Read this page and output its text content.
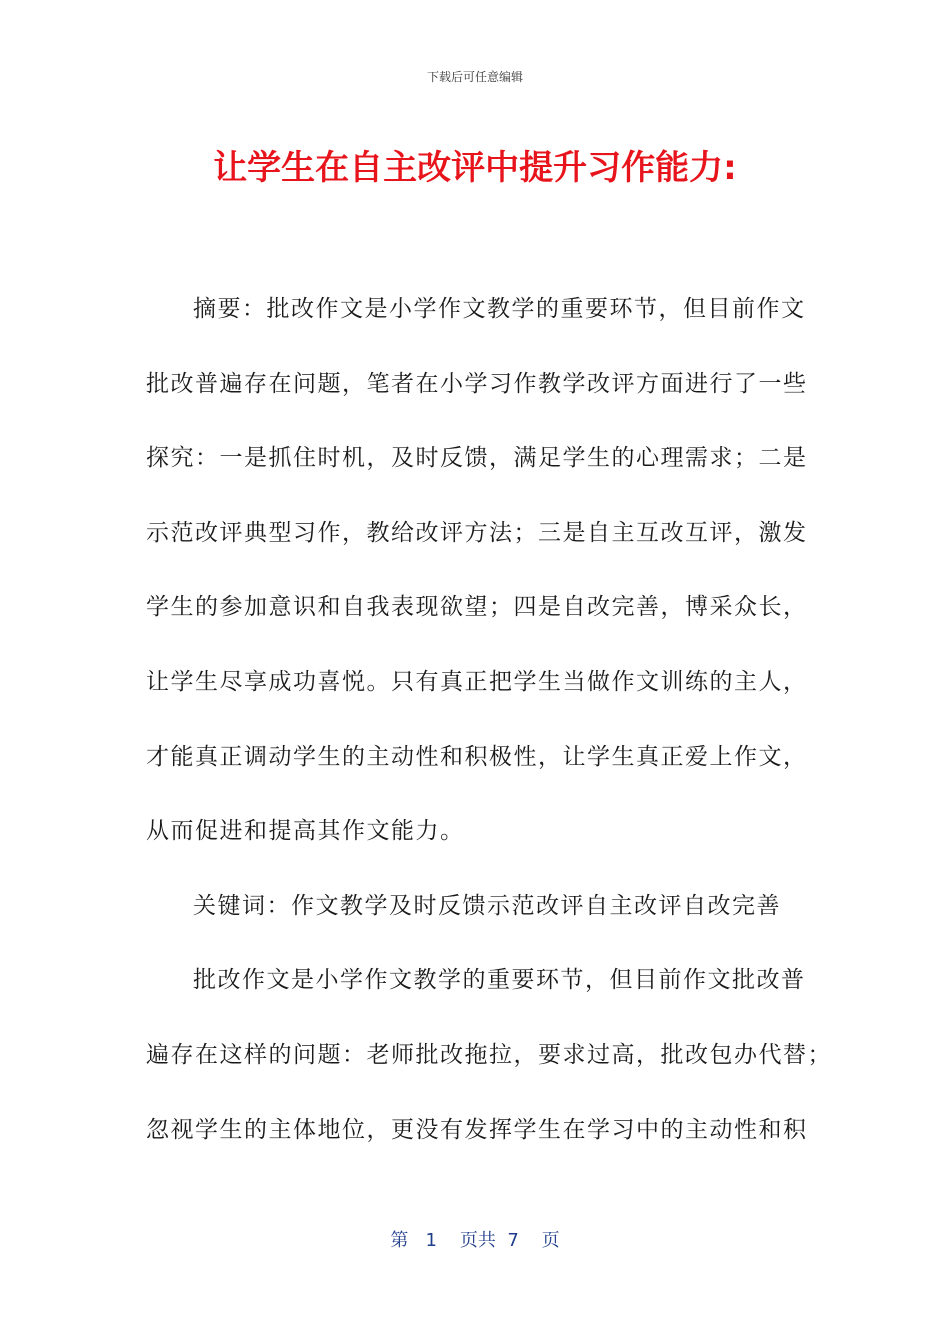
下载后可任意编辑
让学生在自主改评中提升习作能力:
摘要：批改作文是小学作文教学的重要环节，但目前作文
批改普遍存在问题，笔者在小学习作教学改评方面进行了一些
探究：一是抓住时机，及时反馈，满足学生的心理需求；二是
示范改评典型习作，教给改评方法；三是自主互改互评，激发
学生的参加意识和自我表现欲望；四是自改完善，博采众长，
让学生尽享成功喜悦。只有真正把学生当做作文训练的主人，
才能真正调动学生的主动性和积极性，让学生真正爱上作文，
从而促进和提高其作文能力。
关键词：作文教学及时反馈示范改评自主改评自改完善
批改作文是小学作文教学的重要环节，但目前作文批改普
遍存在这样的问题：老师批改拖拉，要求过高，批改包办代替；
忽视学生的主体地位，更没有发挥学生在学习中的主动性和积
第 1 页共 7 页
